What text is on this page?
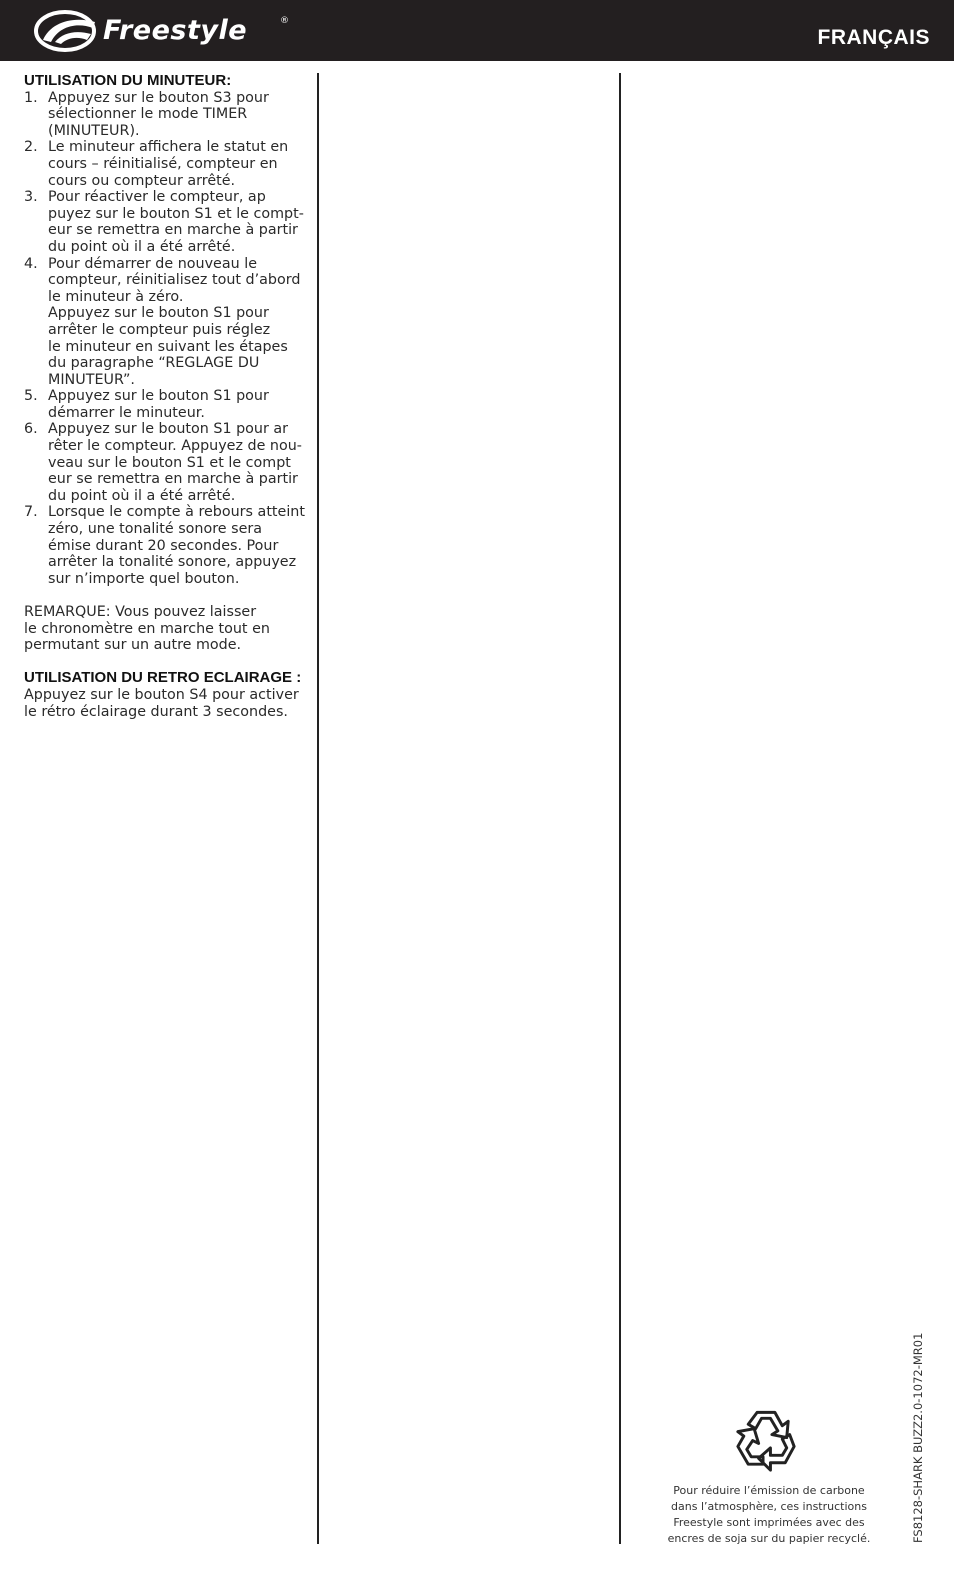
Freestyle	®
FRANÇAIS
UTILISATION DU MINUTEUR:
1. Appuyez sur le bouton S3 pour
sélectionner le mode TIMER
(MINUTEUR).
2. Le minuteur affichera le statut en
cours – réinitialisé, compteur en
cours ou compteur arrêté.
3. Pour réactiver le compteur, ap
puyez sur le bouton S1 et le compt-
eur se remettra en marche à partir
du point où il a été arrêté.
4. Pour démarrer de nouveau le
compteur, réinitialisez tout d’abord
le minuteur à zéro.
Appuyez sur le bouton S1 pour
arrêter le compteur puis réglez
le minuteur en suivant les étapes
du paragraphe “REGLAGE DU
MINUTEUR”.
5. Appuyez sur le bouton S1 pour
démarrer le minuteur.
6. Appuyez sur le bouton S1 pour ar
rêter le compteur. Appuyez de nou-
veau sur le bouton S1 et le compt
eur se remettra en marche à partir
du point où il a été arrêté.
7. Lorsque le compte à rebours atteint
zéro, une tonalité sonore sera
émise durant 20 secondes. Pour
arrêter la tonalité sonore, appuyez
sur n’importe quel bouton.
REMARQUE: Vous pouvez laisser
le chronomètre en marche tout en
permutant sur un autre mode.
UTILISATION DU RETRO ECLAIRAGE :
Appuyez sur le bouton S4 pour activer
le rétro éclairage durant 3 secondes.
Pour réduire l’émission de carbone
dans l’atmosphère, ces instructions
Freestyle sont imprimées avec des
encres de soja sur du papier recyclé.	FS8128-SHARK BUZZ2.0-1072-MR01
